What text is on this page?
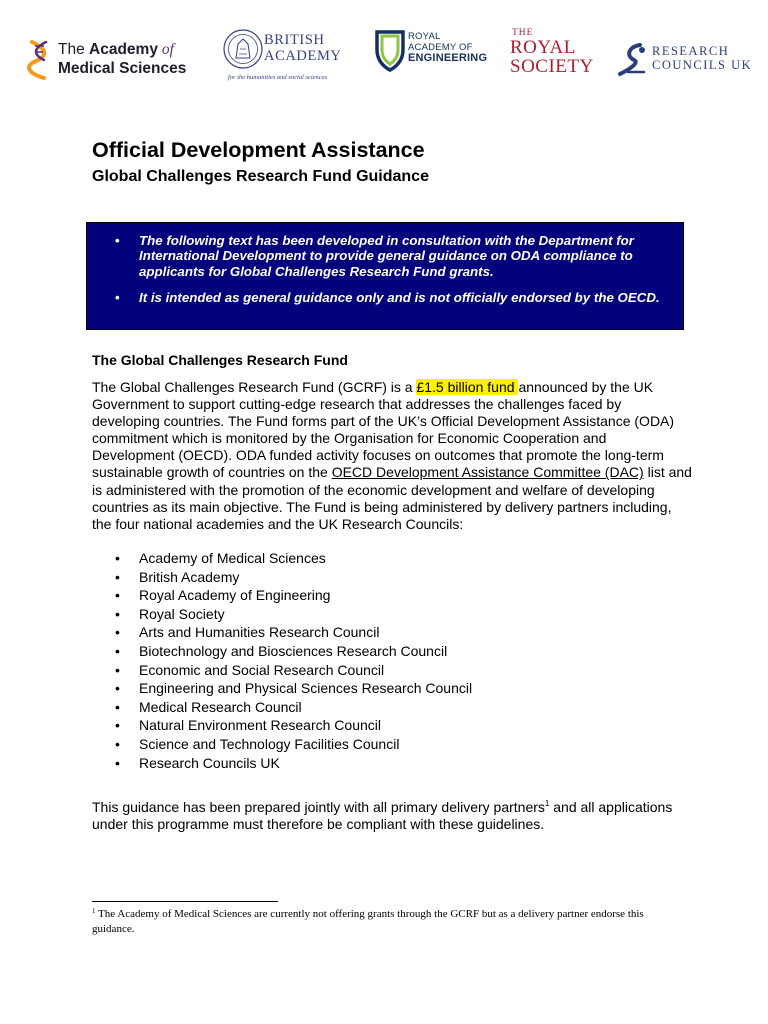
The Academy of
Medical Sciences
BRITISH
ACADEMY
for the humanities and social sciences
ROYAL
ACADEMY OF
ENGINEERING
THE
ROYAL
SOCIETY
RESEARCH
COUNCILS UK
Official Development Assistance
Global Challenges Research Fund Guidance
• The following text has been developed in consultation with the Department for International Development to provide general guidance on ODA compliance to applicants for Global Challenges Research Fund grants.
• It is intended as general guidance only and is not officially endorsed by the OECD.
The Global Challenges Research Fund

The Global Challenges Research Fund (GCRF) is a £1.5 billion fund announced by the UK Government to support cutting-edge research that addresses the challenges faced by developing countries. The Fund forms part of the UK’s Official Development Assistance (ODA) commitment which is monitored by the Organisation for Economic Cooperation and Development (OECD). ODA funded activity focuses on outcomes that promote the long-term sustainable growth of countries on the OECD Development Assistance Committee (DAC) list and is administered with the promotion of the economic development and welfare of developing countries as its main objective. The Fund is being administered by delivery partners including, the four national academies and the UK Research Councils:

• Academy of Medical Sciences
• British Academy
• Royal Academy of Engineering
• Royal Society
• Arts and Humanities Research Council
• Biotechnology and Biosciences Research Council
• Economic and Social Research Council
• Engineering and Physical Sciences Research Council
• Medical Research Council
• Natural Environment Research Council
• Science and Technology Facilities Council
• Research Councils UK

This guidance has been prepared jointly with all primary delivery partners$^1$ and all applications under this programme must therefore be compliant with these guidelines.

$^1$ The Academy of Medical Sciences are currently not offering grants through the GCRF but as a delivery partner endorse this guidance.
